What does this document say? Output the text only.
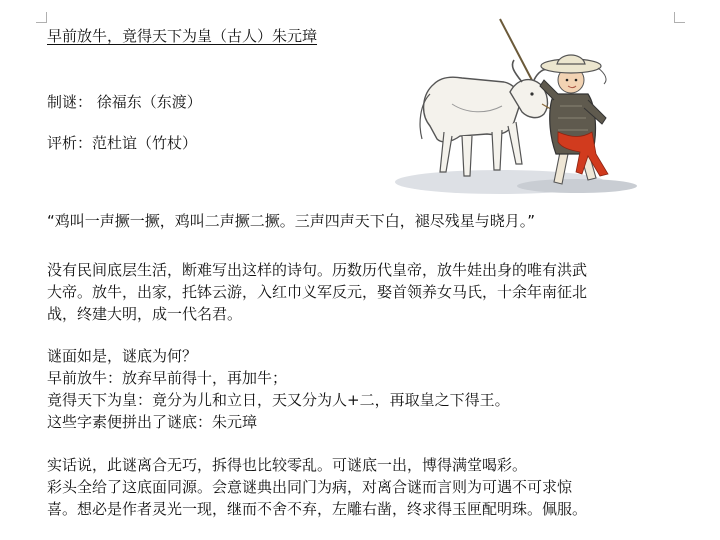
早前放牛，竟得天下为皇（古人）朱元璋
制谜： 徐福东（东渡）
评析：范杜谊（竹杖）
“鸡叫一声撅一撅，鸡叫二声撅二撅。三声四声天下白，褪尽残星与晓月。”
没有民间底层生活，断难写出这样的诗句。历数历代皇帝，放牛娃出身的唯有洪武
大帝。放牛，出家，托钵云游，入红巾义军反元，娶首领养女马氏，十余年南征北
战，终建大明，成一代名君。
谜面如是，谜底为何？
早前放牛：放弃早前得十，再加牛；
竟得天下为皇：竟分为儿和立日，天又分为人+二，再取皇之下得王。
这些字素便拼出了谜底：朱元璋
实话说，此谜离合无巧，拆得也比较零乱。可谜底一出，博得满堂喝彩。
彩头全给了这底面同源。会意谜典出同门为病，对离合谜而言则为可遇不可求惊
喜。想必是作者灵光一现，继而不舍不弃，左雕右凿，终求得玉匣配明珠。佩服。
